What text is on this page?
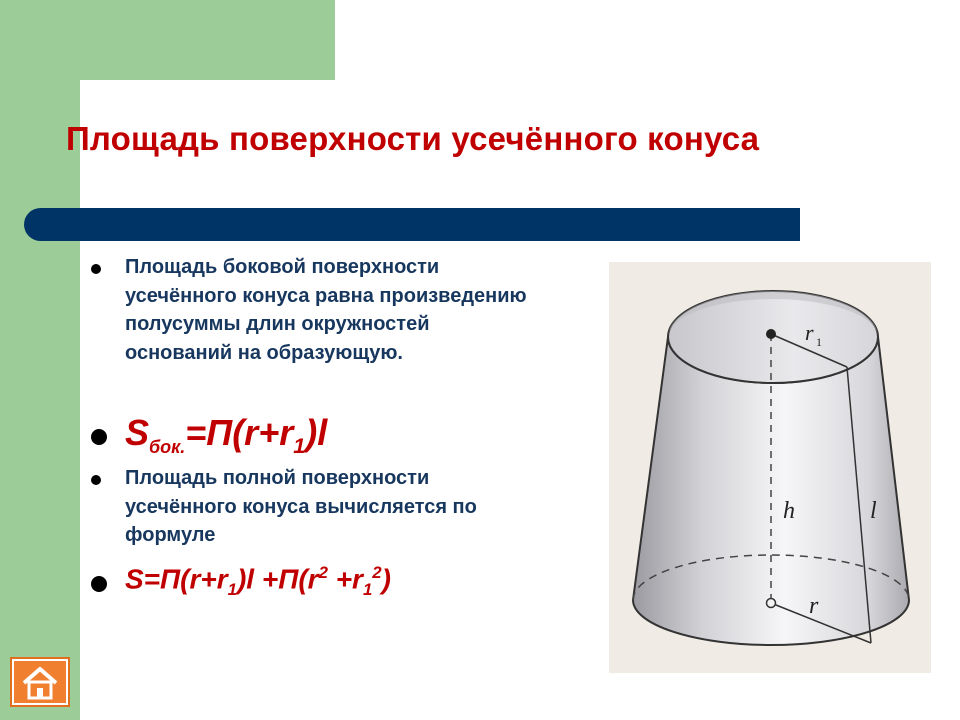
Площадь поверхности усечённого конуса
Площадь боковой поверхности усечённого конуса равна произведению полусуммы длин окружностей оснований на образующую.
$S_{бок.}=П(r+r_1)l$
Площадь полной поверхности усечённого конуса вычисляется по формуле
$S=П(r+r_1)l +П(r^2 +r_1^2)$
r 1
h	l
r
